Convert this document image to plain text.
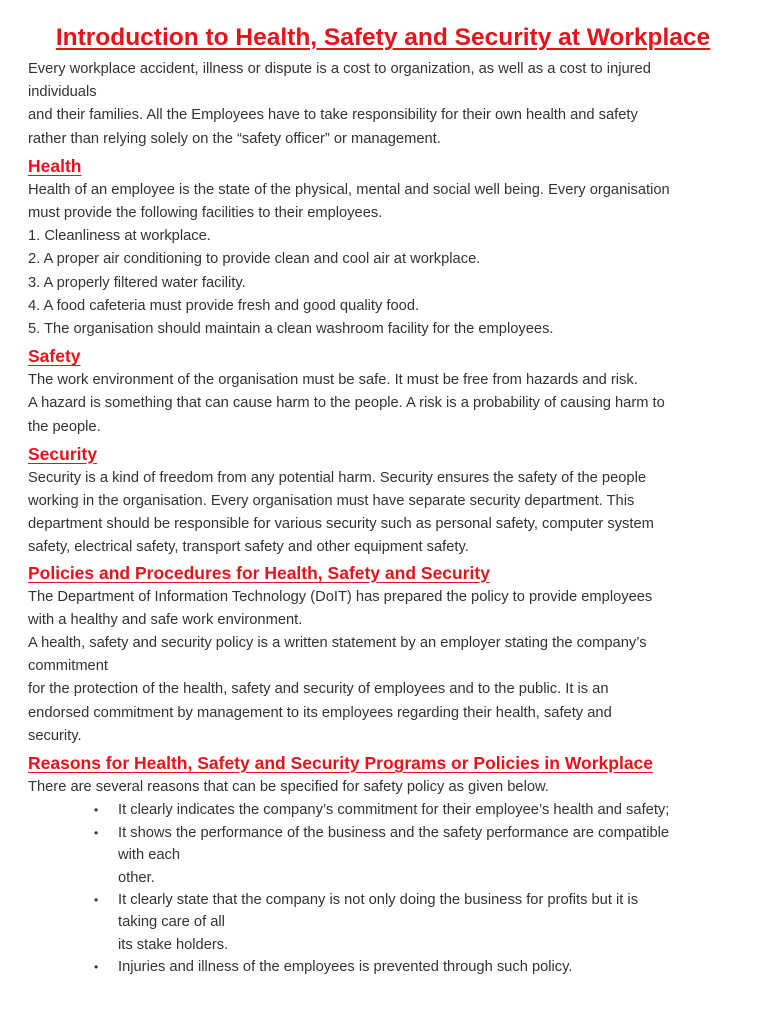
Introduction to Health, Safety and Security at Workplace

Every workplace accident, illness or dispute is a cost to organization, as well as a cost to injured

individuals

and their families. All the Employees have to take responsibility for their own health and safety

rather than relying solely on the “safety officer” or management.

Health

Health of an employee is the state of the physical, mental and social well being. Every organisation

must provide the following facilities to their employees.

1. Cleanliness at workplace.

2. A proper air conditioning to provide clean and cool air at workplace.

3. A properly filtered water facility.

4. A food cafeteria must provide fresh and good quality food.

5. The organisation should maintain a clean washroom facility for the employees.

Safety

The work environment of the organisation must be safe. It must be free from hazards and risk.

A hazard is something that can cause harm to the people. A risk is a probability of causing harm to

the people.

Security

Security is a kind of freedom from any potential harm. Security ensures the safety of the people

working in the organisation. Every organisation must have separate security department. This

department should be responsible for various security such as personal safety, computer system

safety, electrical safety, transport safety and other equipment safety.

Policies and Procedures for Health, Safety and Security

The Department of Information Technology (DoIT) has prepared the policy to provide employees

with a healthy and safe work environment.

A health, safety and security policy is a written statement by an employer stating the company’s

commitment

for the protection of the health, safety and security of employees and to the public. It is an

endorsed commitment by management to its employees regarding their health, safety and

security.

Reasons for Health, Safety and Security Programs or Policies in Workplace

There are several reasons that can be specified for safety policy as given below.

• It clearly indicates the company’s commitment for their employee’s health and safety;
• It shows the performance of the business and the safety performance are compatible
with each
other.
• It clearly state that the company is not only doing the business for profits but it is
taking care of all
its stake holders.
• Injuries and illness of the employees is prevented through such policy.
